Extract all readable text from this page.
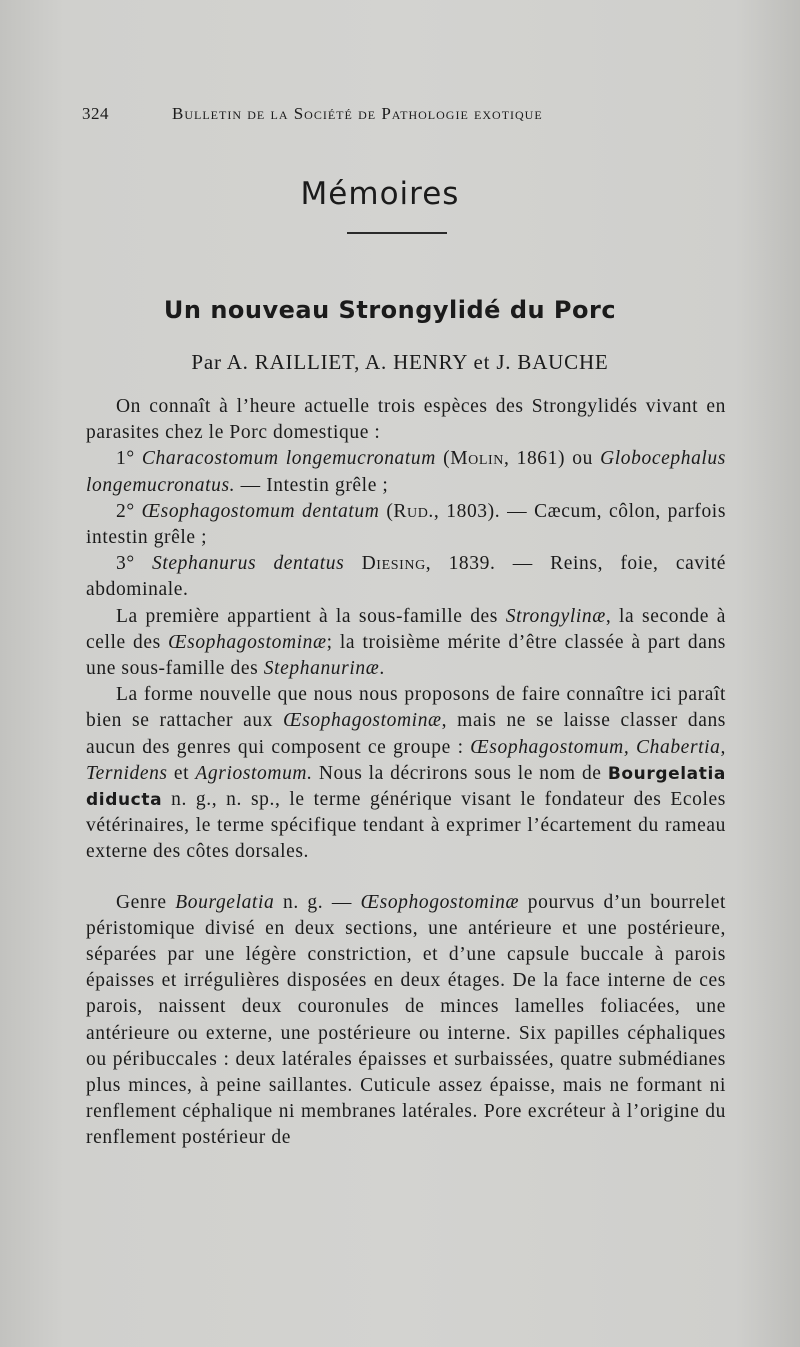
324	Bulletin de la Société de Pathologie exotique
Mémoires
Un nouveau Strongylidé du Porc
Par A. RAILLIET, A. HENRY et J. BAUCHE

On connaît à l’heure actuelle trois espèces des Strongylidés vivant en parasites chez le Porc domestique :

1° Characostomum longemucronatum (Molin, 1861) ou Globocephalus longemucronatus. — Intestin grêle ;

2° Œsophagostomum dentatum (Rud., 1803). — Cæcum, côlon, parfois intestin grêle ;

3° Stephanurus dentatus Diesing, 1839. — Reins, foie, cavité abdominale.

La première appartient à la sous-famille des Strongylinæ, la seconde à celle des Œsophagostominæ; la troisième mérite d’être classée à part dans une sous-famille des Stephanurinæ.

La forme nouvelle que nous nous proposons de faire connaître ici paraît bien se rattacher aux Œsophagostominæ, mais ne se laisse classer dans aucun des genres qui composent ce groupe : Œsophagostomum, Chabertia, Ternidens et Agriostomum. Nous la décrirons sous le nom de Bourgelatia diducta n. g., n. sp., le terme générique visant le fondateur des Ecoles vétérinaires, le terme spécifique tendant à exprimer l’écartement du rameau externe des côtes dorsales.

Genre Bourgelatia n. g. — Œsophogostominæ pourvus d’un bourrelet péristomique divisé en deux sections, une antérieure et une postérieure, séparées par une légère constriction, et d’une capsule buccale à parois épaisses et irrégulières disposées en deux étages. De la face interne de ces parois, naissent deux couronules de minces lamelles foliacées, une antérieure ou externe, une postérieure ou interne. Six papilles céphaliques ou péribuccales : deux latérales épaisses et surbaissées, quatre submédianes plus minces, à peine saillantes. Cuticule assez épaisse, mais ne formant ni renflement céphalique ni membranes latérales. Pore excréteur à l’origine du renflement postérieur de
